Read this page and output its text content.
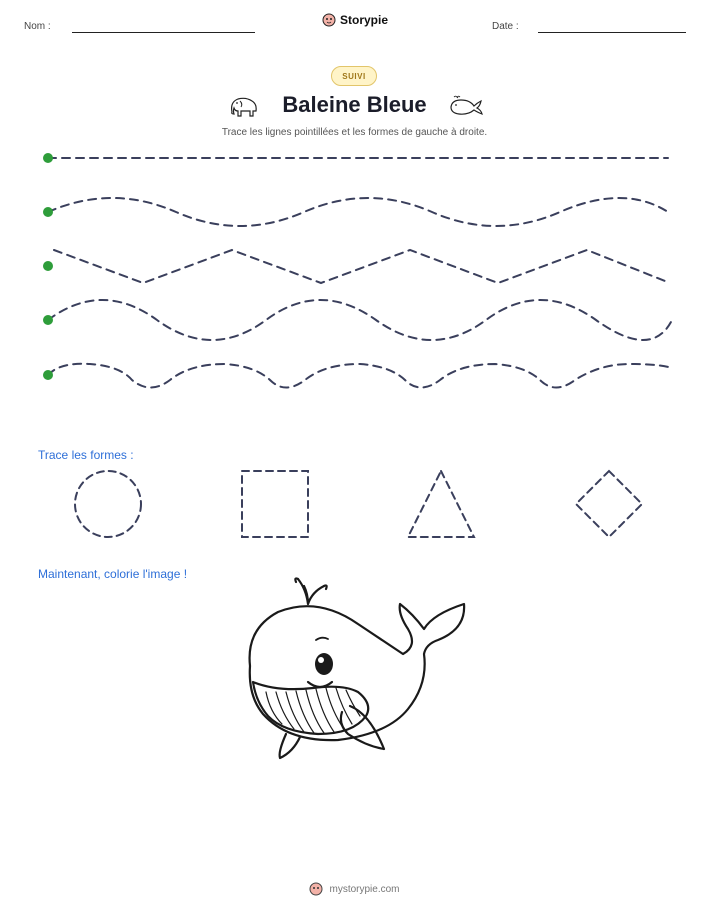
Nom :	Storypie	Date :
SUIVI
Baleine Bleue
Trace les lignes pointillées et les formes de gauche à droite.
Trace les formes :
Maintenant, colorie l'image !
mystorypie.com
